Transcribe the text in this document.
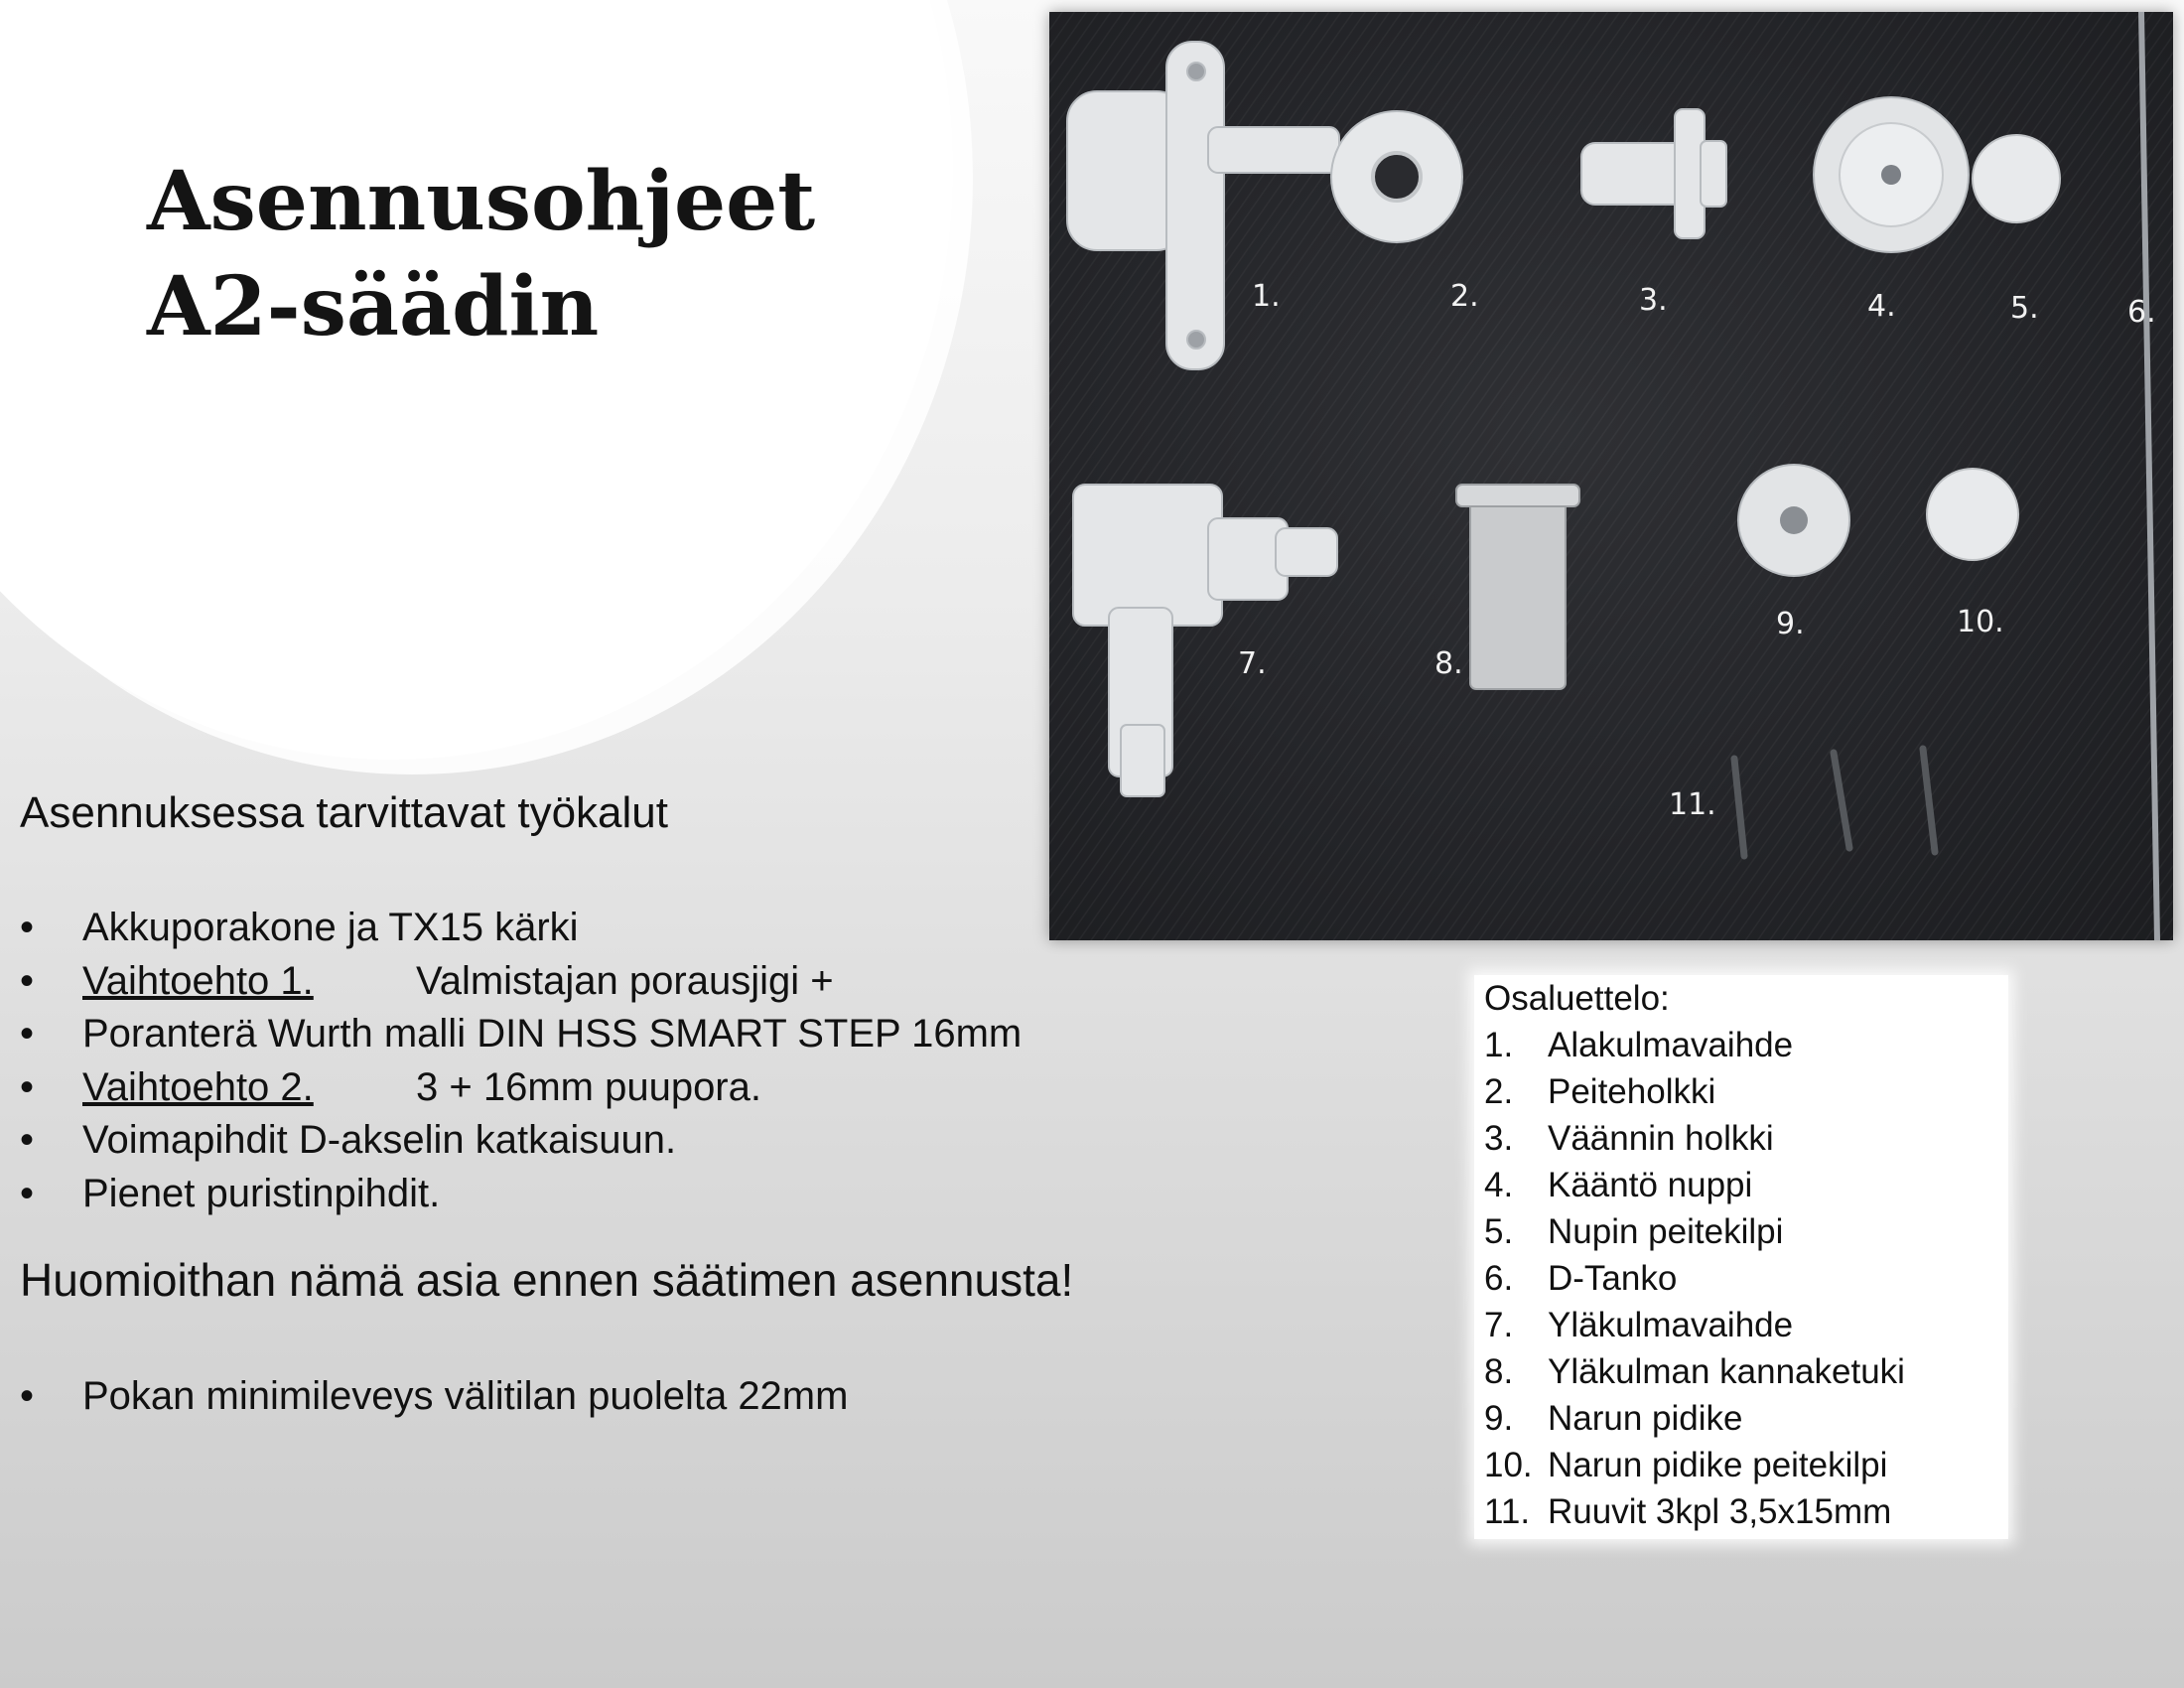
Asennusohjeet
A2-säädin
Asennuksessa tarvittavat työkalut
• Akkuporakone ja TX15 kärki
• Vaihtoehto 1.	Valmistajan porausjigi +
• Poranterä Wurth malli DIN HSS SMART STEP 16mm
• Vaihtoehto 2.	3 + 16mm puupora.
• Voimapihdit D-akselin katkaisuun.
• Pienet puristinpihdit.
Huomioithan nämä asia ennen säätimen asennusta!
• Pokan minimileveys välitilan puolelta 22mm
1.	2.	3.	4.	5.	6.
7.	8.
9.	10.
11.
Osaluettelo:
1. Alakulmavaihde
2. Peiteholkki
3. Väännin holkki
4. Kääntö nuppi
5. Nupin peitekilpi
6. D-Tanko
7. Yläkulmavaihde
8. Yläkulman kannaketuki
9. Narun pidike
10. Narun pidike peitekilpi
11. Ruuvit 3kpl 3,5x15mm
